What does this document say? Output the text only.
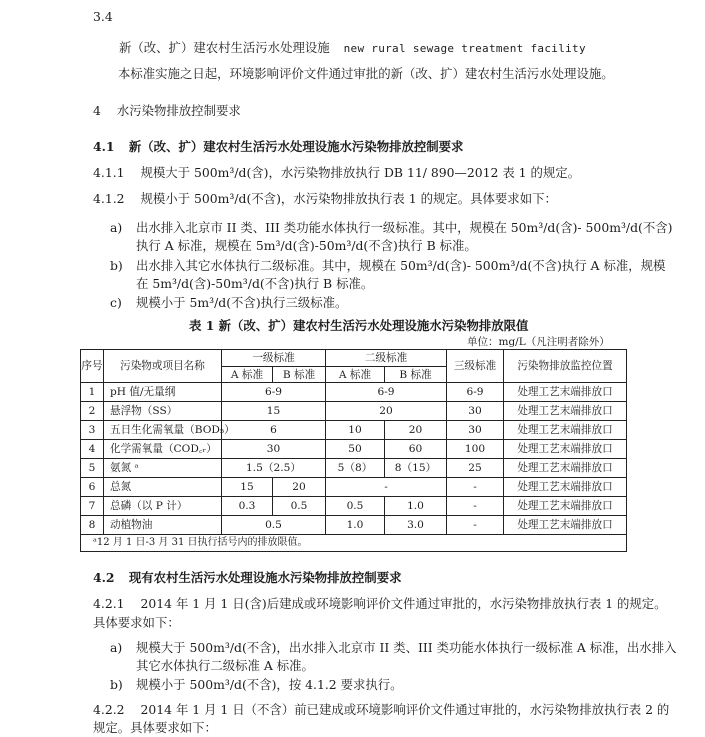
3.4
新（改、扩）建农村生活污水处理设施 new rural sewage treatment facility
本标准实施之日起，环境影响评价文件通过审批的新（改、扩）建农村生活污水处理设施。
4 水污染物排放控制要求
4.1 新（改、扩）建农村生活污水处理设施水污染物排放控制要求
4.1.1 规模大于 500m³/d(含)，水污染物排放执行 DB 11/ 890—2012 表 1 的规定。
4.1.2 规模小于 500m³/d(不含)，水污染物排放执行表 1 的规定。具体要求如下：
a) 出水排入北京市 II 类、III 类功能水体执行一级标准。其中，规模在 50m³/d(含)- 500m³/d(不含)
执行 A 标准，规模在 5m³/d(含)-50m³/d(不含)执行 B 标准。
b) 出水排入其它水体执行二级标准。其中，规模在 50m³/d(含)- 500m³/d(不含)执行 A 标准，规模
在 5m³/d(含)-50m³/d(不含)执行 B 标准。
c) 规模小于 5m³/d(不含)执行三级标准。
表 1 新（改、扩）建农村生活污水处理设施水污染物排放限值
单位：mg/L（凡注明者除外）
序号	污染物或项目名称	一级标准		二级标准		三级标准	污染物排放监控位置
		A 标准	B 标准	A 标准	B 标准		
1	pH 值/无量纲	6-9		6-9		6-9	处理工艺末端排放口
2	悬浮物（SS）	15		20		30	处理工艺末端排放口
3	五日生化需氧量（BOD₅）	6		10	20	30	处理工艺末端排放口
4	化学需氧量（COD꜀ᵣ）	30		50	60	100	处理工艺末端排放口
5	氨氮 ᵃ	1.5（2.5）		5（8）	8（15）	25	处理工艺末端排放口
6	总氮	15	20	-		-	处理工艺末端排放口
7	总磷（以 P 计）	0.3	0.5	0.5	1.0	-	处理工艺末端排放口
8	动植物油	0.5		1.0	3.0	-	处理工艺末端排放口
ᵃ12 月 1 日-3 月 31 日执行括号内的排放限值。							
4.2 现有农村生活污水处理设施水污染物排放控制要求
4.2.1 2014 年 1 月 1 日(含)后建成或环境影响评价文件通过审批的，水污染物排放执行表 1 的规定。
具体要求如下：
a) 规模大于 500m³/d(不含)，出水排入北京市 II 类、III 类功能水体执行一级标准 A 标准，出水排入
其它水体执行二级标准 A 标准。
b) 规模小于 500m³/d(不含)，按 4.1.2 要求执行。
4.2.2 2014 年 1 月 1 日（不含）前已建成或环境影响评价文件通过审批的，水污染物排放执行表 2 的
规定。具体要求如下：
